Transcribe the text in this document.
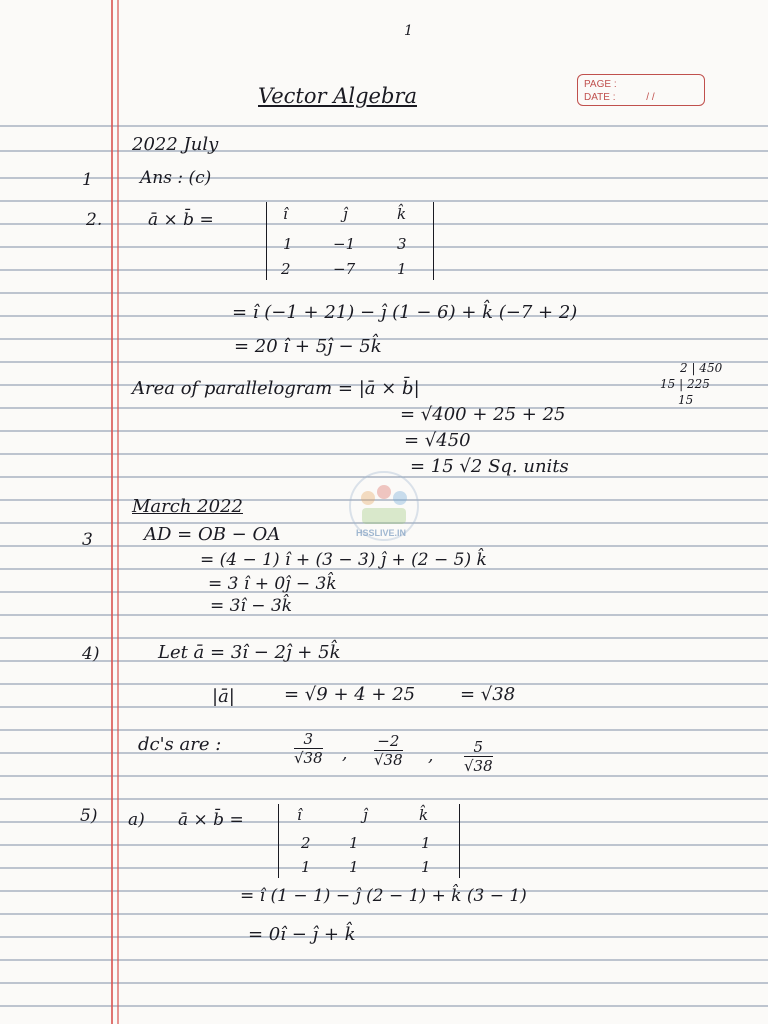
1
Vector Algebra	PAGE :
DATE :	/ /
2022 July
1	Ans : (c)
2.	ā × b̄ =	î	ĵ	k̂
1	−1	3
2	−7	1
= î (−1 + 21) − ĵ (1 − 6) + k̂ (−7 + 2)
= 20 î + 5ĵ − 5k̂
Area of parallelogram = |ā × b̄|
= √400 + 25 + 25
= √450
= 15 √2 Sq. units
2 | 450
15 | 225
15
HSSLIVE.IN
March 2022
3	AD = OB − OA
= (4 − 1) î + (3 − 3) ĵ + (2 − 5) k̂
= 3 î + 0ĵ − 3k̂
= 3î − 3k̂
4)	Let ā = 3î − 2ĵ + 5k̂
|ā|	= √9 + 4 + 25 = √38
dc's are :	$\frac{3}{√38}$ , $\frac{-2}{√38}$ , $\frac{5}{√38}$
5) a) ā × b̄ =	î	ĵ	k̂
2	1	1
1	1	1
= î (1 − 1) − ĵ (2 − 1) + k̂ (3 − 1)
= 0î − ĵ + k̂
